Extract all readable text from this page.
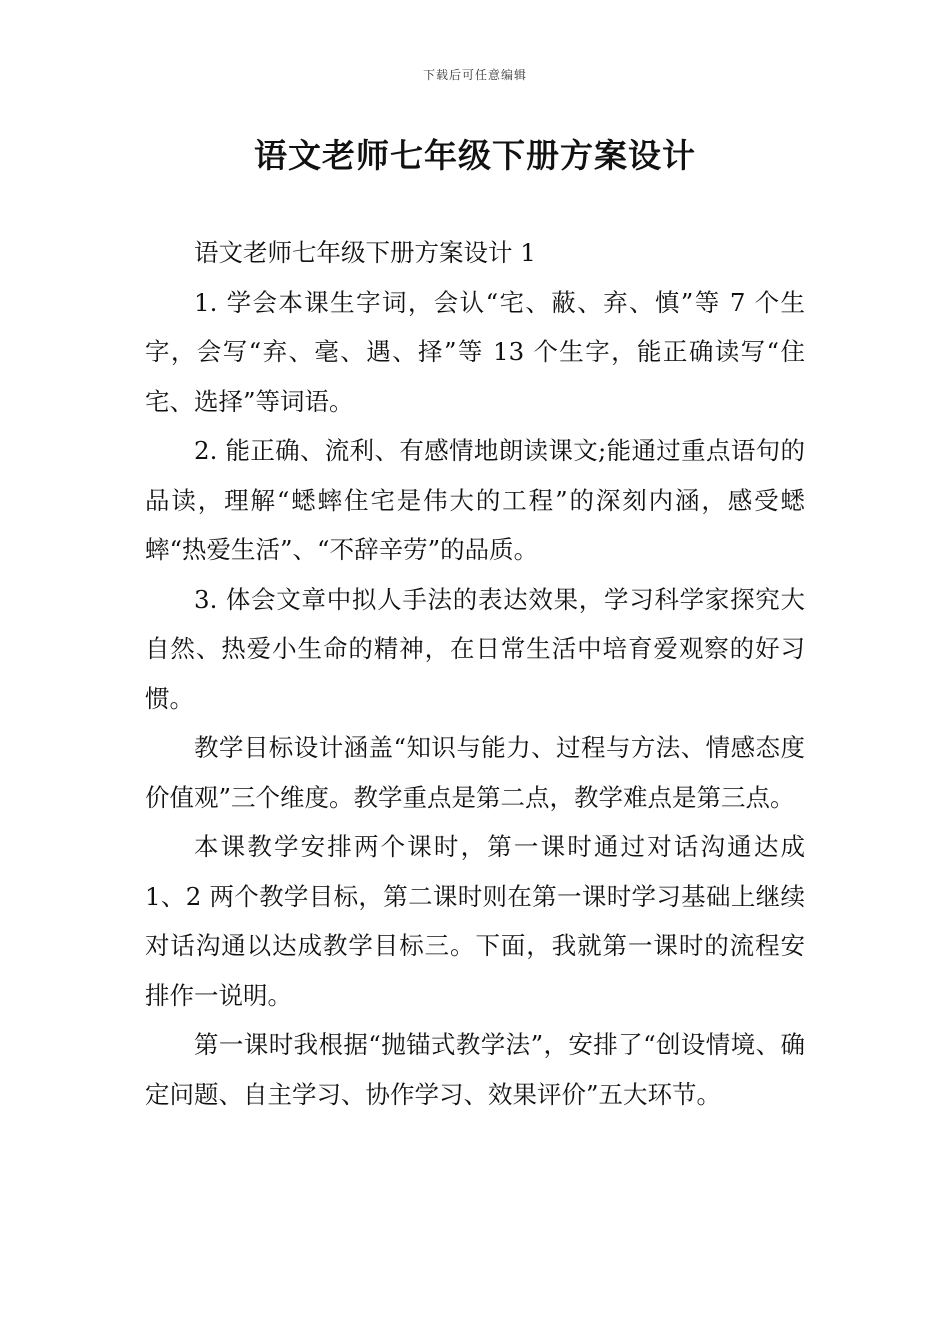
下载后可任意编辑
语文老师七年级下册方案设计

语文老师七年级下册方案设计 1

1. 学会本课生字词，会认“宅、蔽、弃、慎”等 7 个生字，会写“弃、毫、遇、择”等 13 个生字，能正确读写“住宅、选择”等词语。

2. 能正确、流利、有感情地朗读课文;能通过重点语句的品读，理解“蟋蟀住宅是伟大的工程”的深刻内涵，感受蟋蟀“热爱生活”、“不辞辛劳”的品质。

3. 体会文章中拟人手法的表达效果，学习科学家探究大自然、热爱小生命的精神，在日常生活中培育爱观察的好习惯。

教学目标设计涵盖“知识与能力、过程与方法、情感态度价值观”三个维度。教学重点是第二点，教学难点是第三点。

本课教学安排两个课时，第一课时通过对话沟通达成 1、2 两个教学目标，第二课时则在第一课时学习基础上继续对话沟通以达成教学目标三。下面，我就第一课时的流程安排作一说明。

第一课时我根据“抛锚式教学法”，安排了“创设情境、确定问题、自主学习、协作学习、效果评价”五大环节。
